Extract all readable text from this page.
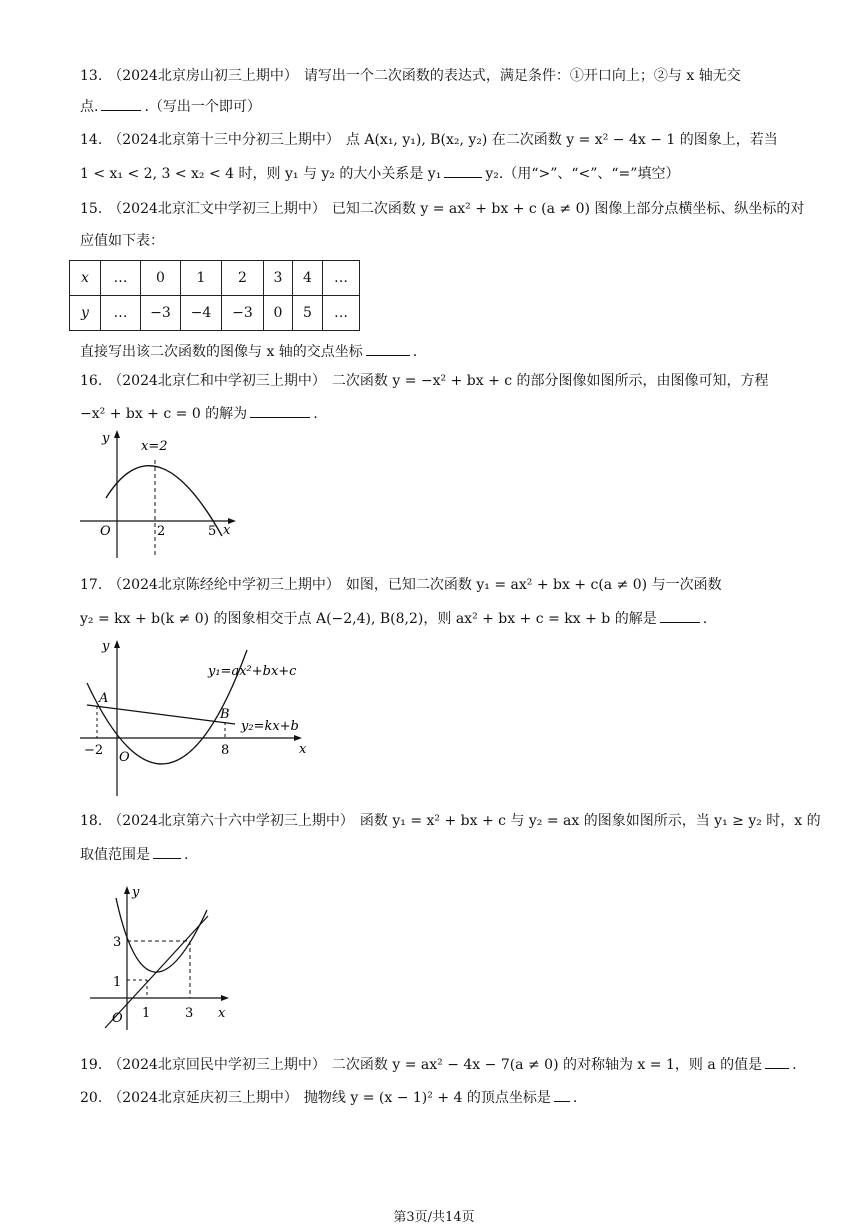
13. （2024北京房山初三上期中） 请写出一个二次函数的表达式，满足条件：①开口向上；②与 x 轴无交
点.	.（写出一个即可）
14. （2024北京第十三中分初三上期中） 点 A(x₁, y₁), B(x₂, y₂) 在二次函数 y = x² − 4x − 1 的图象上，若当
1 < x₁ < 2, 3 < x₂ < 4 时，则 y₁ 与 y₂ 的大小关系是 y₁	y₂.（用“>”、“<”、“=”填空）
15. （2024北京汇文中学初三上期中） 已知二次函数 y = ax² + bx + c (a ≠ 0) 图像上部分点横坐标、纵坐标的对
应值如下表：
x	…	0	1	2	3	4	…
y	…	−3	−4	−3	0	5	…
直接写出该二次函数的图像与 x 轴的交点坐标	.
16. （2024北京仁和中学初三上期中） 二次函数 y = −x² + bx + c 的部分图像如图所示，由图像可知，方程
−x² + bx + c = 0 的解为	.
y
x
O
x=2
2	5
17. （2024北京陈经纶中学初三上期中） 如图，已知二次函数 y₁ = ax² + bx + c(a ≠ 0) 与一次函数
y₂ = kx + b(k ≠ 0) 的图象相交于点 A(−2,4), B(8,2)，则 ax² + bx + c = kx + b 的解是	.
y
x
O
A
B
−2	8
y₁=ax²+bx+c
y₂=kx+b
18. （2024北京第六十六中学初三上期中） 函数 y₁ = x² + bx + c 与 y₂ = ax 的图象如图所示，当 y₁ ≥ y₂ 时，x 的
取值范围是 .
y
x
O
3
1
1	3
19. （2024北京回民中学初三上期中） 二次函数 y = ax² − 4x − 7(a ≠ 0) 的对称轴为 x = 1，则 a 的值是 .
20. （2024北京延庆初三上期中） 抛物线 y = (x − 1)² + 4 的顶点坐标是 .
第3页/共14页
